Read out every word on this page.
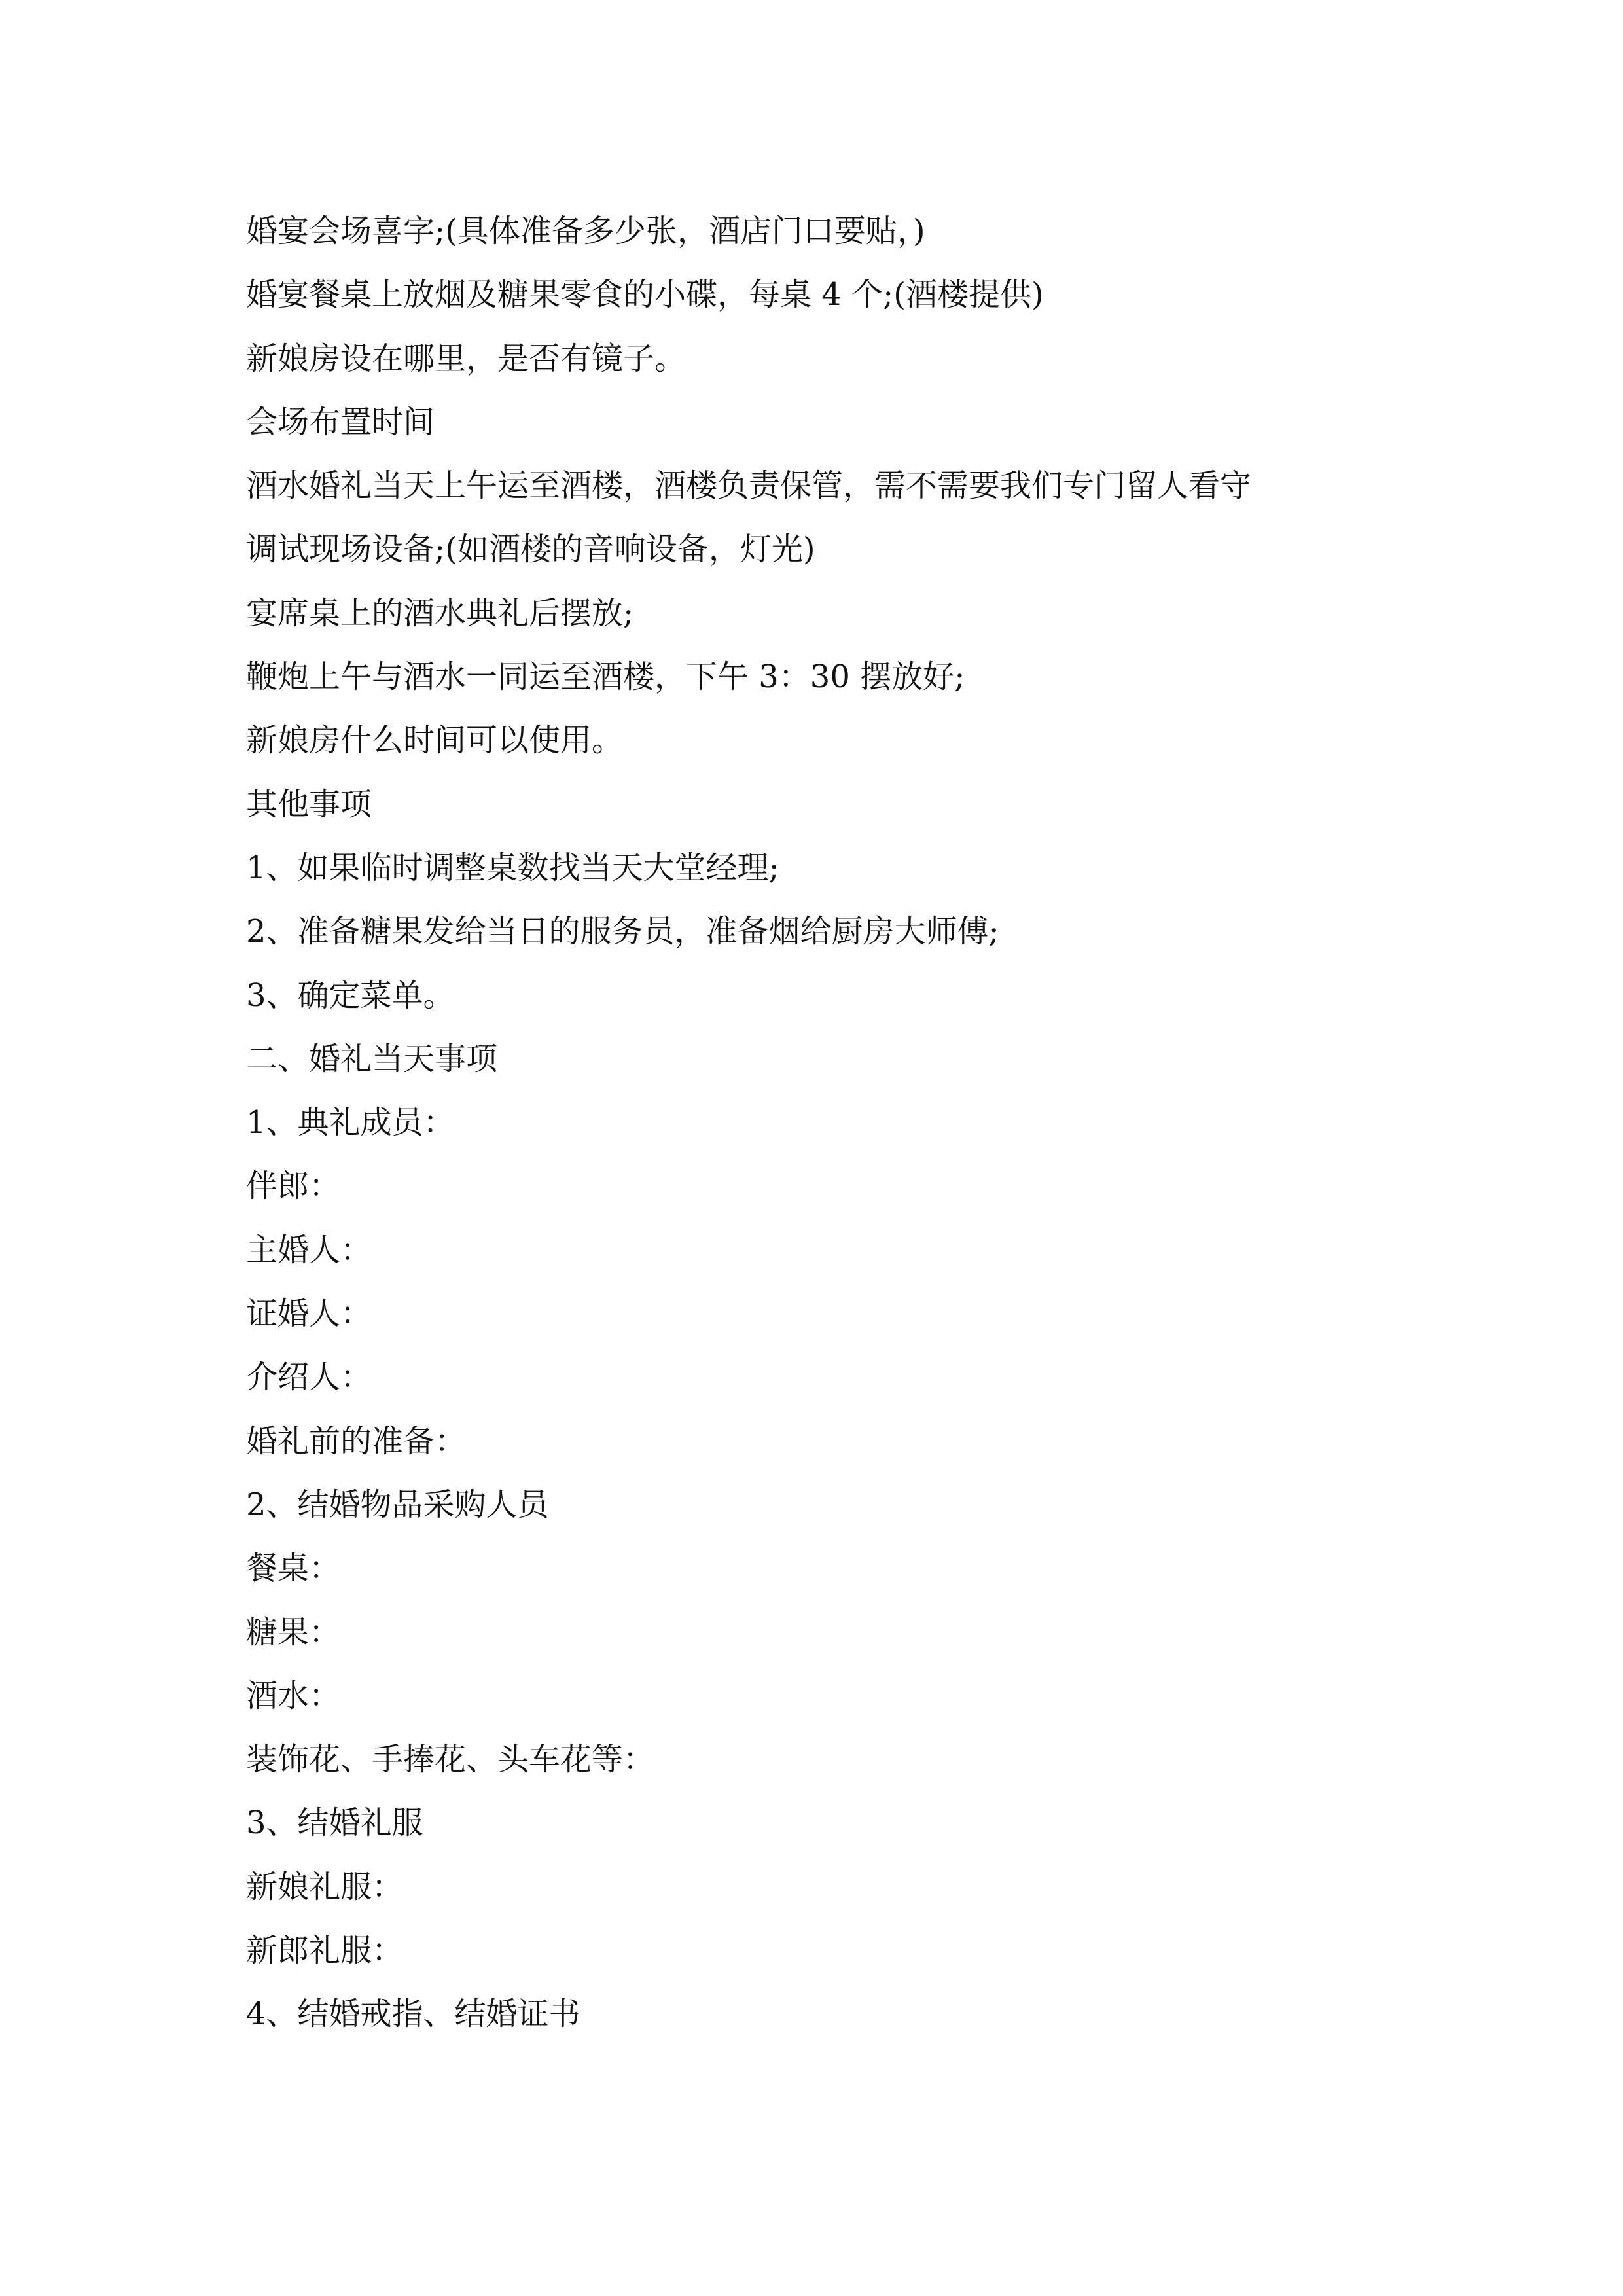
婚宴会场喜字;(具体准备多少张，酒店门口要贴，)

婚宴餐桌上放烟及糖果零食的小碟，每桌 4 个;(酒楼提供)

新娘房设在哪里，是否有镜子。

会场布置时间

酒水婚礼当天上午运至酒楼，酒楼负责保管，需不需要我们专门留人看守

调试现场设备;(如酒楼的音响设备，灯光)

宴席桌上的酒水典礼后摆放;

鞭炮上午与酒水一同运至酒楼，下午 3：30 摆放好;

新娘房什么时间可以使用。

其他事项

1、如果临时调整桌数找当天大堂经理;

2、准备糖果发给当日的服务员，准备烟给厨房大师傅;

3、确定菜单。

二、婚礼当天事项

1、典礼成员：

伴郎：

主婚人：

证婚人：

介绍人：

婚礼前的准备：

2、结婚物品采购人员

餐桌：

糖果：

酒水：

装饰花、手捧花、头车花等：

3、结婚礼服

新娘礼服：

新郎礼服：

4、结婚戒指、结婚证书
